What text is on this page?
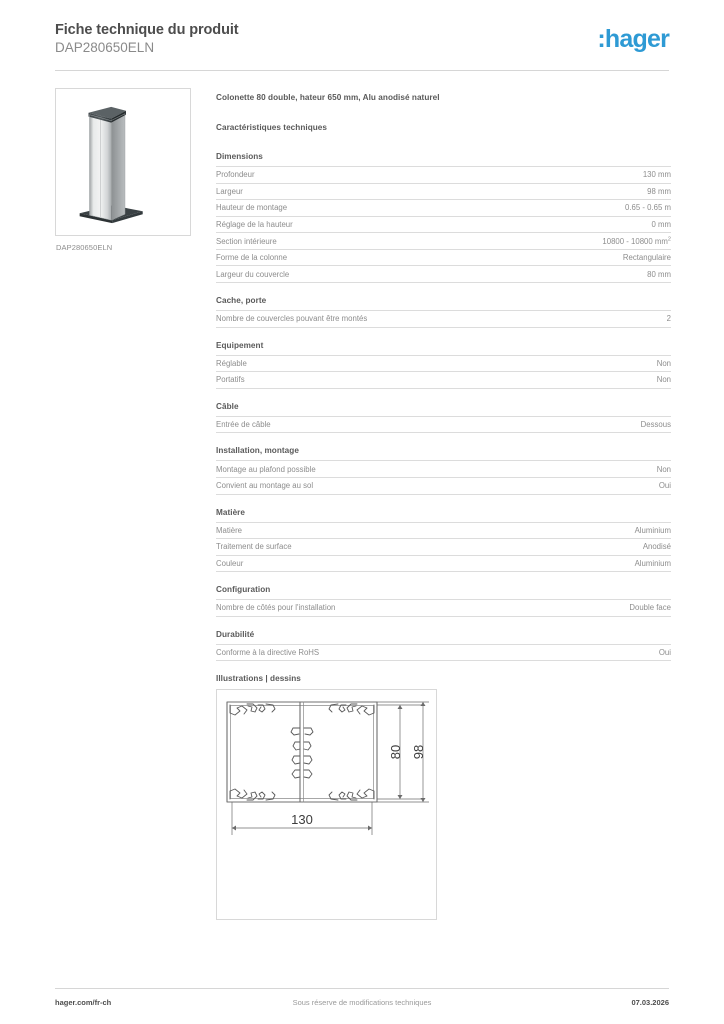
Fiche technique du produit
DAP280650ELN	:hager
DAP280650ELN
Colonette 80 double, hateur 650 mm, Alu anodisé naturel
Caractéristiques techniques
Dimensions
Profondeur	130 mm
Largeur	98 mm
Hauteur de montage	0.65 - 0.65 m
Réglage de la hauteur	0 mm
Section intérieure	10800 - 10800 $mm^2$
Forme de la colonne	Rectangulaire
Largeur du couvercle	80 mm
Cache, porte
Nombre de couvercles pouvant être montés	2
Equipement
Réglable	Non
Portatifs	Non
Câble
Entrée de câble	Dessous
Installation, montage
Montage au plafond possible	Non
Convient au montage au sol	Oui
Matière
Matière	Aluminium
Traitement de surface	Anodisé
Couleur	Aluminium
Configuration
Nombre de côtés pour l'installation	Double face
Durabilité
Conforme à la directive RoHS	Oui
Illustrations | dessins
80 98
130
hager.com/fr-ch	Sous réserve de modifications techniques	07.03.2026
